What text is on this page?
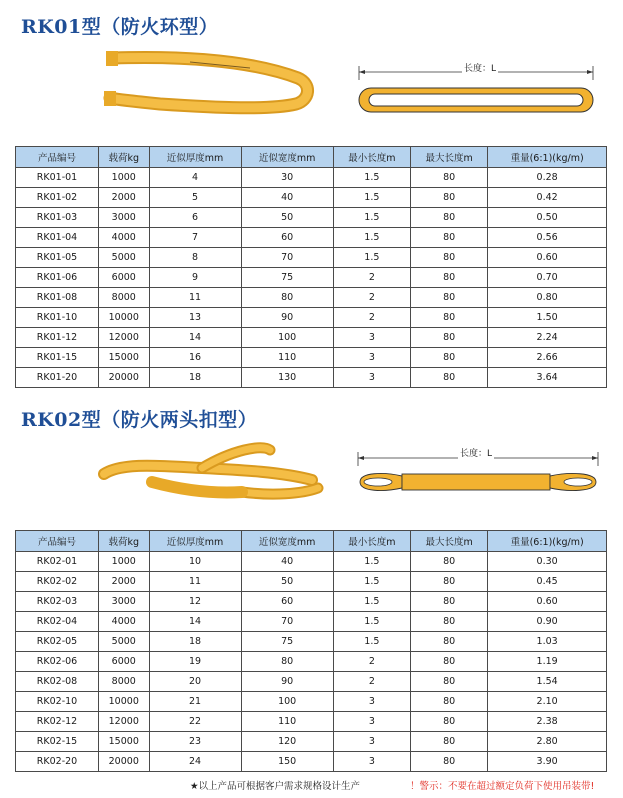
RK01型（防火环型）
长度：L
产品编号	载荷kg	近似厚度mm	近似宽度mm	最小长度m	最大长度m	重量(6:1)(kg/m)
RK01-01	1000	4	30	1.5	80	0.28
RK01-02	2000	5	40	1.5	80	0.42
RK01-03	3000	6	50	1.5	80	0.50
RK01-04	4000	7	60	1.5	80	0.56
RK01-05	5000	8	70	1.5	80	0.60
RK01-06	6000	9	75	2	80	0.70
RK01-08	8000	11	80	2	80	0.80
RK01-10	10000	13	90	2	80	1.50
RK01-12	12000	14	100	3	80	2.24
RK01-15	15000	16	110	3	80	2.66
RK01-20	20000	18	130	3	80	3.64
RK02型（防火两头扣型）
长度：L
产品编号	载荷kg	近似厚度mm	近似宽度mm	最小长度m	最大长度m	重量(6:1)(kg/m)
RK02-01	1000	10	40	1.5	80	0.30
RK02-02	2000	11	50	1.5	80	0.45
RK02-03	3000	12	60	1.5	80	0.60
RK02-04	4000	14	70	1.5	80	0.90
RK02-05	5000	18	75	1.5	80	1.03
RK02-06	6000	19	80	2	80	1.19
RK02-08	8000	20	90	2	80	1.54
RK02-10	10000	21	100	3	80	2.10
RK02-12	12000	22	110	3	80	2.38
RK02-15	15000	23	120	3	80	2.80
RK02-20	20000	24	150	3	80	3.90
★以上产品可根据客户需求规格设计生产	！警示：不要在超过额定负荷下使用吊装带!
